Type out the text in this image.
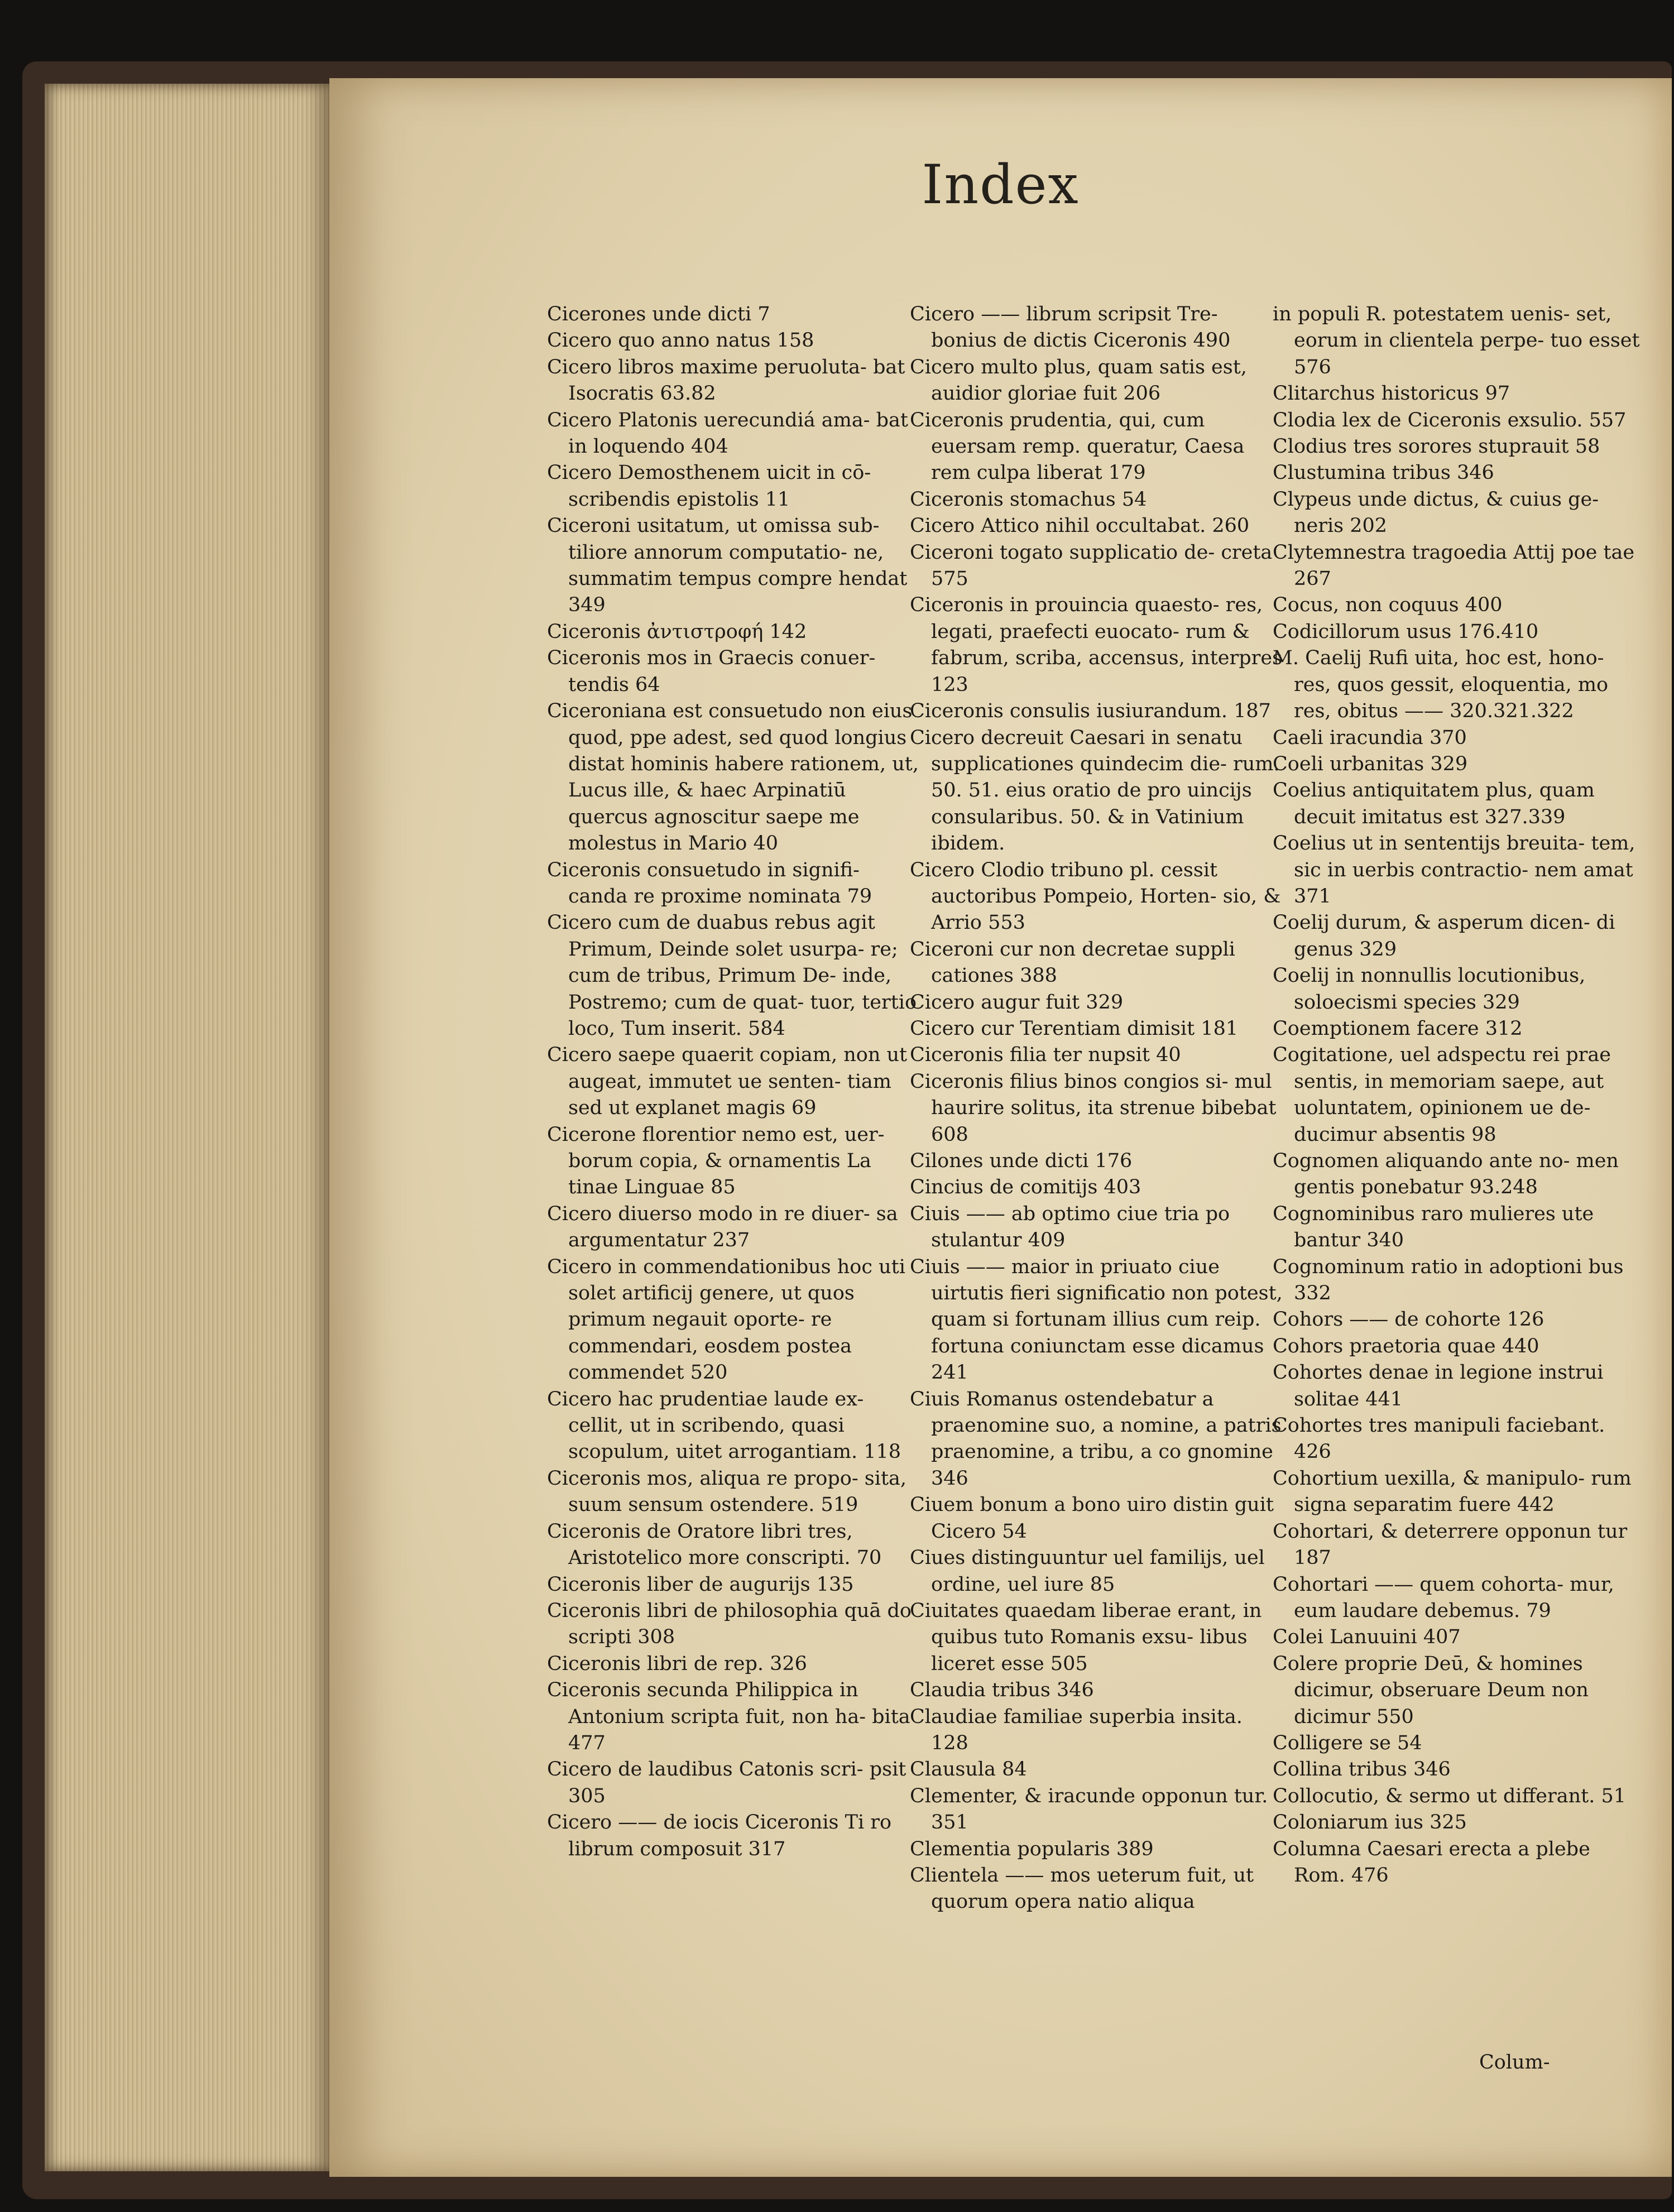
Index

Cicerones unde dicti 7

Cicero quo anno natus 158

Cicero libros maxime peruoluta- bat Isocratis 63.82

Cicero Platonis uerecundiá ama- bat in loquendo 404

Cicero Demosthenem uicit in cō- scribendis epistolis 11

Ciceroni usitatum, ut omissa sub- tiliore annorum computatio- ne, summatim tempus compre hendat 349

Ciceronis ἀντιστροφή 142

Ciceronis mos in Graecis conuer- tendis 64

Ciceroniana est consuetudo non eius quod, ppe adest, sed quod longius distat hominis habere rationem, ut, Lucus ille, & haec Arpinatiū quercus agnoscitur saepe me molestus in Mario 40

Ciceronis consuetudo in signifi- canda re proxime nominata 79

Cicero cum de duabus rebus agit Primum, Deinde solet usurpa- re; cum de tribus, Primum De- inde, Postremo; cum de quat- tuor, tertio loco, Tum inserit. 584

Cicero saepe quaerit copiam, non ut augeat, immutet ue senten- tiam sed ut explanet magis 69

Cicerone florentior nemo est, uer- borum copia, & ornamentis La tinae Linguae 85

Cicero diuerso modo in re diuer- sa argumentatur 237

Cicero in commendationibus hoc uti solet artificij genere, ut quos primum negauit oporte- re commendari, eosdem postea commendet 520

Cicero hac prudentiae laude ex- cellit, ut in scribendo, quasi scopulum, uitet arrogantiam. 118

Ciceronis mos, aliqua re propo- sita, suum sensum ostendere. 519

Ciceronis de Oratore libri tres, Aristotelico more conscripti. 70

Ciceronis liber de augurijs 135

Ciceronis libri de philosophia quā do scripti 308

Ciceronis libri de rep. 326

Ciceronis secunda Philippica in Antonium scripta fuit, non ha- bita 477

Cicero de laudibus Catonis scri- psit 305

Cicero —— de iocis Ciceronis Ti ro librum composuit 317

Cicero —— librum scripsit Tre- bonius de dictis Ciceronis 490

Cicero multo plus, quam satis est, auidior gloriae fuit 206

Ciceronis prudentia, qui, cum euersam remp. queratur, Caesa rem culpa liberat 179

Ciceronis stomachus 54

Cicero Attico nihil occultabat. 260

Ciceroni togato supplicatio de- creta 575

Ciceronis in prouincia quaesto- res, legati, praefecti euocato- rum & fabrum, scriba, accensus, interpres 123

Ciceronis consulis iusiurandum. 187

Cicero decreuit Caesari in senatu supplicationes quindecim die- rum. 50. 51. eius oratio de pro uincijs consularibus. 50. & in Vatinium ibidem.

Cicero Clodio tribuno pl. cessit auctoribus Pompeio, Horten- sio, & Arrio 553

Ciceroni cur non decretae suppli cationes 388

Cicero augur fuit 329

Cicero cur Terentiam dimisit 181

Ciceronis filia ter nupsit 40

Ciceronis filius binos congios si- mul haurire solitus, ita strenue bibebat 608

Cilones unde dicti 176

Cincius de comitijs 403

Ciuis —— ab optimo ciue tria po stulantur 409

Ciuis —— maior in priuato ciue uirtutis fieri significatio non potest, quam si fortunam illius cum reip. fortuna coniunctam esse dicamus 241

Ciuis Romanus ostendebatur a praenomine suo, a nomine, a patris praenomine, a tribu, a co gnomine 346

Ciuem bonum a bono uiro distin guit Cicero 54

Ciues distinguuntur uel familijs, uel ordine, uel iure 85

Ciuitates quaedam liberae erant, in quibus tuto Romanis exsu- libus liceret esse 505

Claudia tribus 346

Claudiae familiae superbia insita. 128

Clausula 84

Clementer, & iracunde opponun tur. 351

Clementia popularis 389

Clientela —— mos ueterum fuit, ut quorum opera natio aliqua

in populi R. potestatem uenis- set, eorum in clientela perpe- tuo esset 576

Clitarchus historicus 97

Clodia lex de Ciceronis exsulio. 557

Clodius tres sorores stuprauit 58

Clustumina tribus 346

Clypeus unde dictus, & cuius ge- neris 202

Clytemnestra tragoedia Attij poe tae 267

Cocus, non coquus 400

Codicillorum usus 176.410

M. Caelij Rufi uita, hoc est, hono- res, quos gessit, eloquentia, mo res, obitus —— 320.321.322

Caeli iracundia 370

Coeli urbanitas 329

Coelius antiquitatem plus, quam decuit imitatus est 327.339

Coelius ut in sententijs breuita- tem, sic in uerbis contractio- nem amat 371

Coelij durum, & asperum dicen- di genus 329

Coelij in nonnullis locutionibus, soloecismi species 329

Coemptionem facere 312

Cogitatione, uel adspectu rei prae sentis, in memoriam saepe, aut uoluntatem, opinionem ue de- ducimur absentis 98

Cognomen aliquando ante no- men gentis ponebatur 93.248

Cognominibus raro mulieres ute bantur 340

Cognominum ratio in adoptioni bus 332

Cohors —— de cohorte 126

Cohors praetoria quae 440

Cohortes denae in legione instrui solitae 441

Cohortes tres manipuli faciebant. 426

Cohortium uexilla, & manipulo- rum signa separatim fuere 442

Cohortari, & deterrere opponun tur 187

Cohortari —— quem cohorta- mur, eum laudare debemus. 79

Colei Lanuuini 407

Colere proprie Deū, & homines dicimur, obseruare Deum non dicimur 550

Colligere se 54

Collina tribus 346

Collocutio, & sermo ut differant. 51

Coloniarum ius 325

Columna Caesari erecta a plebe Rom. 476

Colum-
